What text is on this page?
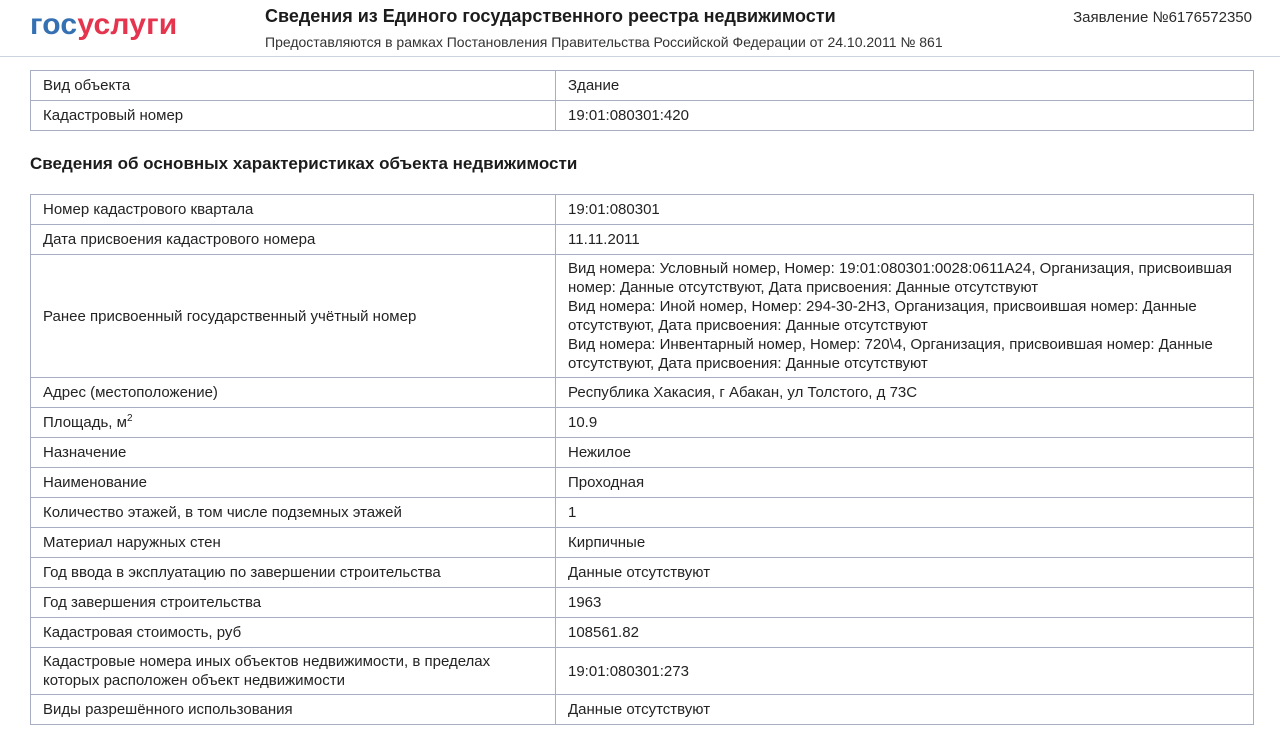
госуслуги	Сведения из Единого государственного реестра недвижимости
Предоставляются в рамках Постановления Правительства Российской Федерации от 24.10.2011 № 861
Заявление №6176572350
Вид объекта	Здание
Кадастровый номер	19:01:080301:420
Сведения об основных характеристиках объекта недвижимости
Номер кадастрового квартала	19:01:080301
Дата присвоения кадастрового номера	11.11.2011
Ранее присвоенный государственный учётный номер	Вид номера: Условный номер, Номер: 19:01:080301:0028:0611А24, Организация, присвоившая номер: Данные отсутствуют, Дата присвоения: Данные отсутствуют
Вид номера: Иной номер, Номер: 294-30-2НЗ, Организация, присвоившая номер: Данные отсутствуют, Дата присвоения: Данные отсутствуют
Вид номера: Инвентарный номер, Номер: 720\4, Организация, присвоившая номер: Данные отсутствуют, Дата присвоения: Данные отсутствуют

Адрес (местоположение)	Республика Хакасия, г Абакан, ул Толстого, д 73С
Площадь, $м^2$	10.9
Назначение	Нежилое
Наименование	Проходная
Количество этажей, в том числе подземных этажей	1
Материал наружных стен	Кирпичные
Год ввода в эксплуатацию по завершении строительства	Данные отсутствуют
Год завершения строительства	1963
Кадастровая стоимость, руб	108561.82
Кадастровые номера иных объектов недвижимости, в пределах которых расположен объект недвижимости	19:01:080301:273
Виды разрешённого использования	Данные отсутствуют
